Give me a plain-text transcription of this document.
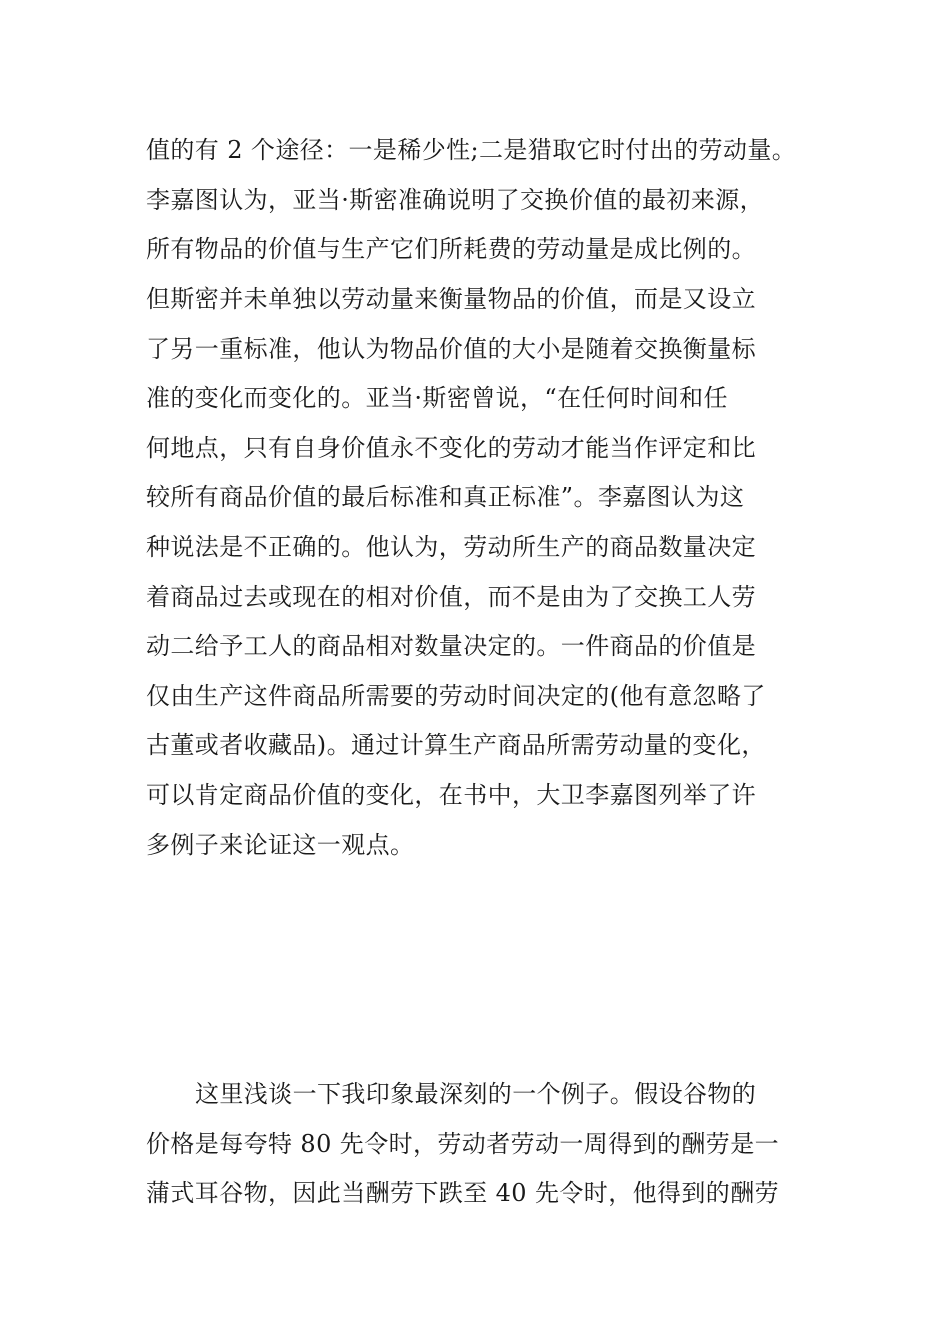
值的有 2 个途径：一是稀少性;二是猎取它时付出的劳动量。
李嘉图认为，亚当·斯密准确说明了交换价值的最初来源，
所有物品的价值与生产它们所耗费的劳动量是成比例的。
但斯密并未单独以劳动量来衡量物品的价值，而是又设立
了另一重标准，他认为物品价值的大小是随着交换衡量标
准的变化而变化的。亚当·斯密曾说，“在任何时间和任
何地点，只有自身价值永不变化的劳动才能当作评定和比
较所有商品价值的最后标准和真正标准”。李嘉图认为这
种说法是不正确的。他认为，劳动所生产的商品数量决定
着商品过去或现在的相对价值，而不是由为了交换工人劳
动二给予工人的商品相对数量决定的。一件商品的价值是
仅由生产这件商品所需要的劳动时间决定的(他有意忽略了
古董或者收藏品)。通过计算生产商品所需劳动量的变化，
可以肯定商品价值的变化，在书中，大卫李嘉图列举了许
多例子来论证这一观点。
这里浅谈一下我印象最深刻的一个例子。假设谷物的
价格是每夸特 80 先令时，劳动者劳动一周得到的酬劳是一
蒲式耳谷物，因此当酬劳下跌至 40 先令时，他得到的酬劳
